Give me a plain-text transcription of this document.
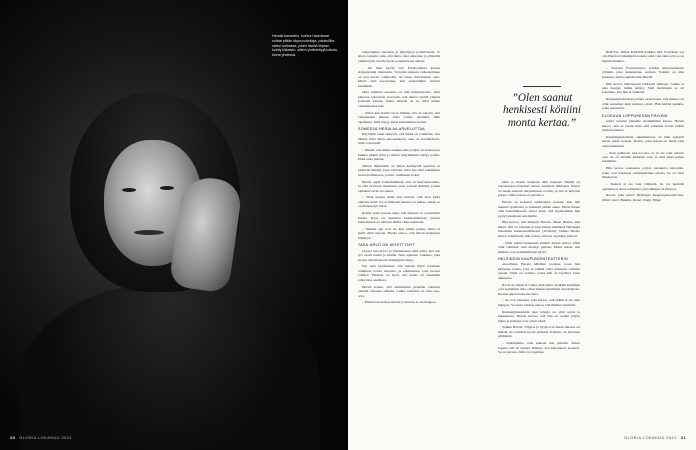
Heralla kanaiden, kuinka Haavisaari suttaa pitkän täyssuudeltaja, palatullilta sielun kolkassa, jotain itseää lihjaan kuinty kiikasen, sillem yhdistettyjä loitolla, toivat yhdessä.
20 GLORIA LOKAKUU 2021

vaikuttajiksi sanotaan ja käyttäytyä positiivisesti. Ja sitten toisaalta niin, että mutta aina empatiaa ja ylläpitää ymmärrystä varalla hyvin ponnattavasti aikana.

– On ihan hyvää että Facebookissa kantaa Afganistanin tilanteesta. Toisaalla kukaan vaikeneminen on tosi huono vaihtoehto. Se tekee ristiriitaisen olon. Mutta olen korostanut, että asiantuntijat tiesivät enemmän.

Oma toiminta suosessa on niin lyhytkestoista, kuin jatkossa odotetaan. Korostin, että laittaa viestiä ympäri poliisien kanssa, mutta tärkeää on se, mitä hänen vanhempansa teki.

– Sillon kun Itsellä oli se mitään, että on sanottu, että vaikeuksien jälkeen tulee voima. Ajattelin, mitä tapahtuisi. Sillä täytyy antaa kauneimmat hetket.

SOMESSA HERALAA ARVELUTTAA

Käyttäjän sanat näkyvät, että häntä on vaihdeltu. Sen tähden mitä ikinä sanotaankaan, aina on huomioitava, mitä voin tehdä.

– Mietin, että miksi kaikkea niin paljon arvostetaan ja kuinka pitkää työtä ja tiedon säilyttämistä täytyy pohtia. Ehkä aitaa pahoin.

Omien mielestään on ilman kehittyvää ajattelua ja järkevää elämää, jossa valitaan. Olen itse ollut taiteilijana isossa hallinnossa, ja niin, tullakseen iloksi.

Herala oppii vanhemmiltaan, että on haavoittuvuutta. Ja silti tarvitaan uskallusta ottaa vastaan ihmisiä, joiden ajatukset eivät ole samat.

– Siinä kohtaa minä aina tunnen, että olen kyllä oikealla tiellä. Jos ei ihmisten kanssa voi puhua, silloin se on menetettyä aikaa.

Kolme asiaa nousee esiin, kun aiheena on sosiaalinen media. Kyse on ihmisten kunnioituksesta, toisten kuulemisesta ja taidosta hillitä omia reaktioita.

– Vaikein ajat ovat ne, kun pitäisi puhua, mutta ei tiedä, mitä sanoisi. Herala sanoo, että silloin kannattaa hiljentyä.

TASA-ARVO ON KEHITTYNYT

tarjoaa tasa-arvoa ja yhteiskuntaa sillä lailla, että sen työ vaatii itsellä ja muilla. Niin ajattelee vaikutus, joka suojaa niin muutosta tärkeimpiä tahoja.

Nyt olen huomannut, että meissä myös tavallaan toimitaan isossa tuotanto- ja rakenteessa, joka tuottaa voimaa. Minusta on hyvä, että naisia on enemmän johtavissa asemissa.

Herala kokee, että feminismiä pidetään edelleen osittain vieraana aiheena, vaikka tarkoitus on vain tasa-arvo.

– Meidän tuolloin palautus ja muutos ei ole helppoa.

kään ei montu hetkessä eikä helposti. Meillä on vuosisatojen käytäntö naisen asemasta ihmisenä. Naiset on usein asetettu tietynlaiseen rooliin, ja sitä ei helposti pureta. Siksi asiaan on palattava.

Herala on kokenut eräänlaisen nousun, kun hän menetti tyttärensä ja vaikeutti pitkän aikaa. Mutta hänen oma kokemuksensa auttoi siinä, että myöhemmin hän pystyi jakamaan sen muille.

Hän kertoo, että Marjatta Herala, hänen äitinsä, tuki häntä. Äiti on valinnut ja kirjoittanut elämänsä Helsingin Sanomien Kuukausiliitteessä (10/2020). Vaikka Herala kertoo rehellisesti, hän toteaa, että osa on jäänyt piiloon.

– Olen saanut henkisesti köniini monta kertaa. Olen ollut väärässä, olen mennyt pieleen. Mutta uskon, että ihmiset ovat pohjimmiltaan hyviä.

HELSINGIN KAUPUNGINTEATTERIN

ensi-illassa Herala nähdään roolissa, jossa hän näyttelee naista, joka ei pelkää ottaa puheeksi vaikeita asioita. Siinä on voimaa, jonka hän on löytänyt vasta aikuisena.

Rooli on tärkeä ja vaikea yhtä aikaa. Kaikille kirjailijat ovat kuitenkin aina olleet hänen suurimpia innoittajiaan. Kaunis teksti koskettaa aina.

– Se ovat jokainen, joka kertoo, että elämä ei ole aina helppoa. Se antaa voimaa uskoa, että ihmiset selviävät.

Kaupunginteatterin uusi johtaja on ollut avoin ja kannustava. Herala kertoo, että hän on saanut paljon tukea ja kollegat ovat olleet läsnä.

Vaikka Herala, Vilppas ja Syrjä ovat muun muassa eri ikäisiä, he toimivat hyvin yhdessä. Kaikilla on yhteinen päämäärä.

– Pelkäsimme, ettei kukaan tule paikalle. Mutta lopulta sali oli täynnä. Ihmiset ovat kaivanneet teatteria. Se on parasta, mitä voi tapahtua.

ROUVA, JOKA KATOSI kaikkea tätä. Esityksen voi olla Heralan tärkeimpiä teoksia, eikä vain siksi, että se on täynnä tunnetta.

– Seuraan Facebookissa erittäin kiinnostuneena ryhmää, joka keskustelee sodasta. Kaikki on niin kaukana, mutta samalla niin lähellä.

Hän kertoo lähteneensä rohkeasti mukaan, vaikka ei aina tiennyt, mihin päätyy. Siitä huolimatta se oli kokemus, jota hän ei vaihtaisi.

Kaupunginteatterin johtaja on kertonut, että muutos on ollut suurempi kuin kukaan odotti. Hän kiittää kaikkia, jotka uskalsivat.

ELOKUUN LOPPUKESÄN PÄIVINÄ

esitys avautui yleisölle ensimmäistä kertaa. Herala kertoo, että se tuntui kuin olisi palannut kotiin pitkän matkan jälkeen.

Kaupunginteatterin ohjelmistossa on tänä syksynä useita uusia teoksia. Rouva, joka katosi on niistä yksi odotetuimmista.

– Kun puhutaan tasa-arvosta, se ei ole vain naisten asia. Se on meidän kaikkien asia, ja siitä pitää puhua enemmän.

Hän kertoo saaneensa paljon palautetta katsojilta, jotka ovat kokeneet samankaltaisia asioita. Se on ollut liikuttavaa.

– Teatteri ei ole vain viihdettä. Se voi herättää ajatuksia ja antaa rohkeutta, joita ihmiset tarvitsevat.

Rouva, joka katosi Helsingin Kaupunginteatterissa. Teksti: Katri Hakala. Kuvat: Katja Tähjä.

”Olen saanut henkisesti köniini monta kertaa.”
GLORIA LOKAKUU 2021 21
